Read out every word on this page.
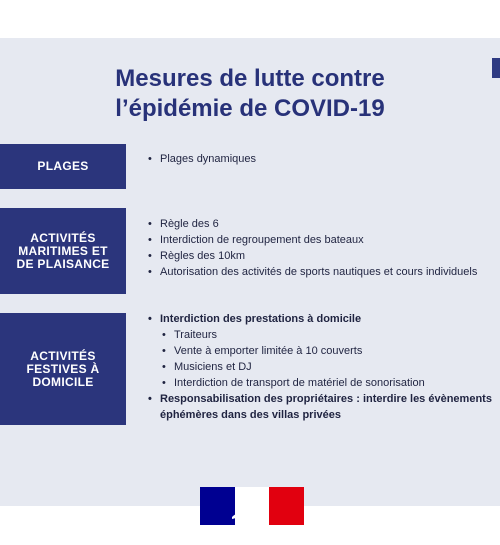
Mesures de lutte contre
l’épidémie de COVID-19
PLAGES
•	Plages dynamiques
ACTIVITÉS
MARITIMES ET
DE PLAISANCE
• Règle des 6
• Interdiction de regroupement des bateaux
• Règles des 10km
• Autorisation des activités de sports nautiques et cours individuels
ACTIVITÉS
FESTIVES À
DOMICILE
• Interdiction des prestations à domicile
• Traiteurs
• Vente à emporter limitée à 10 couverts
• Musiciens et DJ
• Interdiction de transport de matériel de sonorisation
• Responsabilisation des propriétaires : interdire les évènements éphémères dans des villas privées
